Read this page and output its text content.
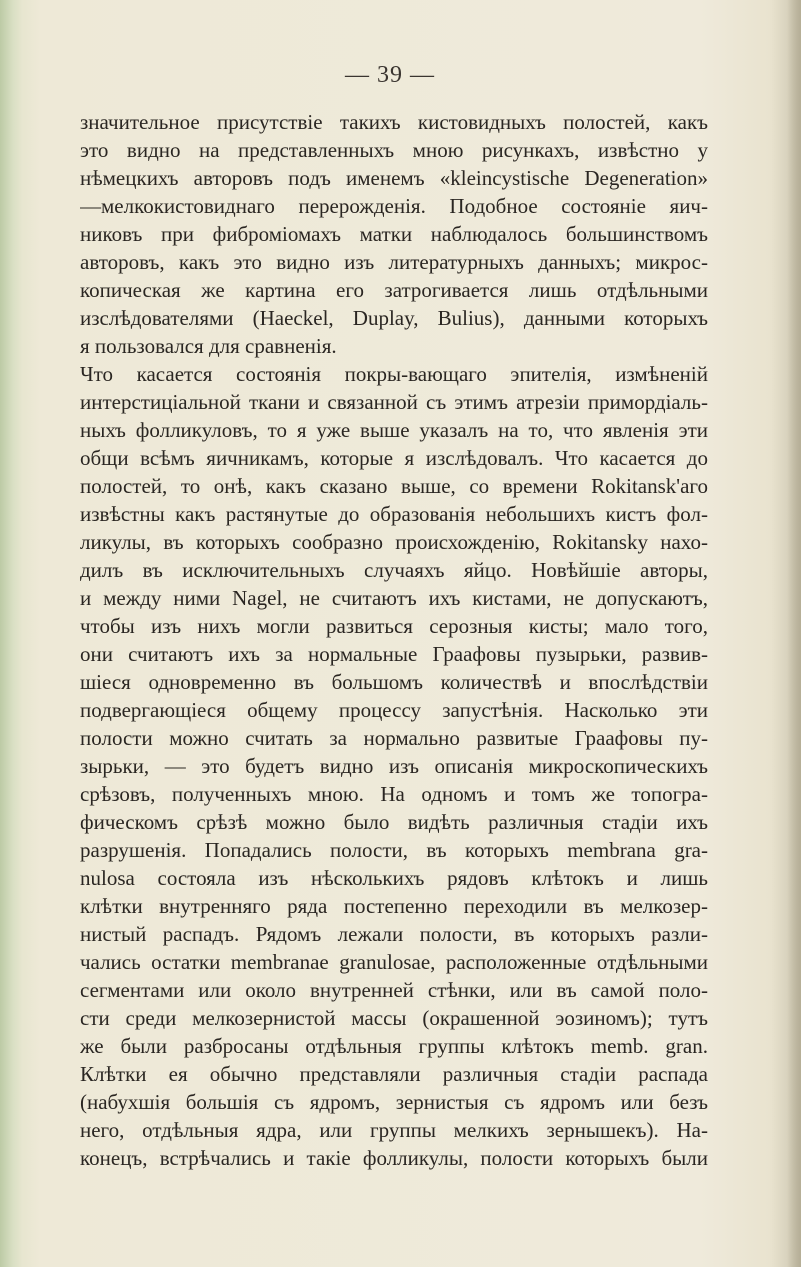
— 39 —
значительное присутствіе такихъ кистовидныхъ полостей, какъ
это видно на представленныхъ мною рисункахъ, извѣстно у
нѣмецкихъ авторовъ подъ именемъ «kleincystische Degeneration»
—мелкокистовиднаго перерожденія. Подобное состояніе яич-
никовъ при фиброміомахъ матки наблюдалось большинствомъ
авторовъ, какъ это видно изъ литературныхъ данныхъ; микрос-
копическая же картина его затрогивается лишь отдѣльными
изслѣдователями (Haeckel, Duplay, Bulius), данными которыхъ
я пользовался для сравненія.
Что касается состоянія покры-вающаго эпителія, измѣненій
интерстиціальной ткани и связанной съ этимъ атрезіи примордіаль-
ныхъ фолликуловъ, то я уже выше указалъ на то, что явленія эти
общи всѣмъ яичникамъ, которые я изслѣдовалъ. Что касается до
полостей, то онѣ, какъ сказано выше, со времени Rokitansk'аго
извѣстны какъ растянутые до образованія небольшихъ кистъ фол-
ликулы, въ которыхъ сообразно происхожденію, Rokitansky нахо-
дилъ въ исключительныхъ случаяхъ яйцо. Новѣйшіе авторы,
и между ними Nagel, не считаютъ ихъ кистами, не допускаютъ,
чтобы изъ нихъ могли развиться серозныя кисты; мало того,
они считаютъ ихъ за нормальные Граафовы пузырьки, развив-
шіеся одновременно въ большомъ количествѣ и впослѣдствіи
подвергающіеся общему процессу запустѣнія. Насколько эти
полости можно считать за нормально развитые Граафовы пу-
зырьки, — это будетъ видно изъ описанія микроскопическихъ
срѣзовъ, полученныхъ мною. На одномъ и томъ же топогра-
фическомъ срѣзѣ можно было видѣть различныя стадіи ихъ
разрушенія. Попадались полости, въ которыхъ membrana gra-
nulosa состояла изъ нѣсколькихъ рядовъ клѣтокъ и лишь
клѣтки внутренняго ряда постепенно переходили въ мелкозер-
нистый распадъ. Рядомъ лежали полости, въ которыхъ разли-
чались остатки membranae granulosae, расположенные отдѣльными
сегментами или около внутренней стѣнки, или въ самой поло-
сти среди мелкозернистой массы (окрашенной эозиномъ); тутъ
же были разбросаны отдѣльныя группы клѣтокъ memb. gran.
Клѣтки ея обычно представляли различныя стадіи распада
(набухшія большія съ ядромъ, зернистыя съ ядромъ или безъ
него, отдѣльныя ядра, или группы мелкихъ зернышекъ). На-
конецъ, встрѣчались и такіе фолликулы, полости которыхъ были
